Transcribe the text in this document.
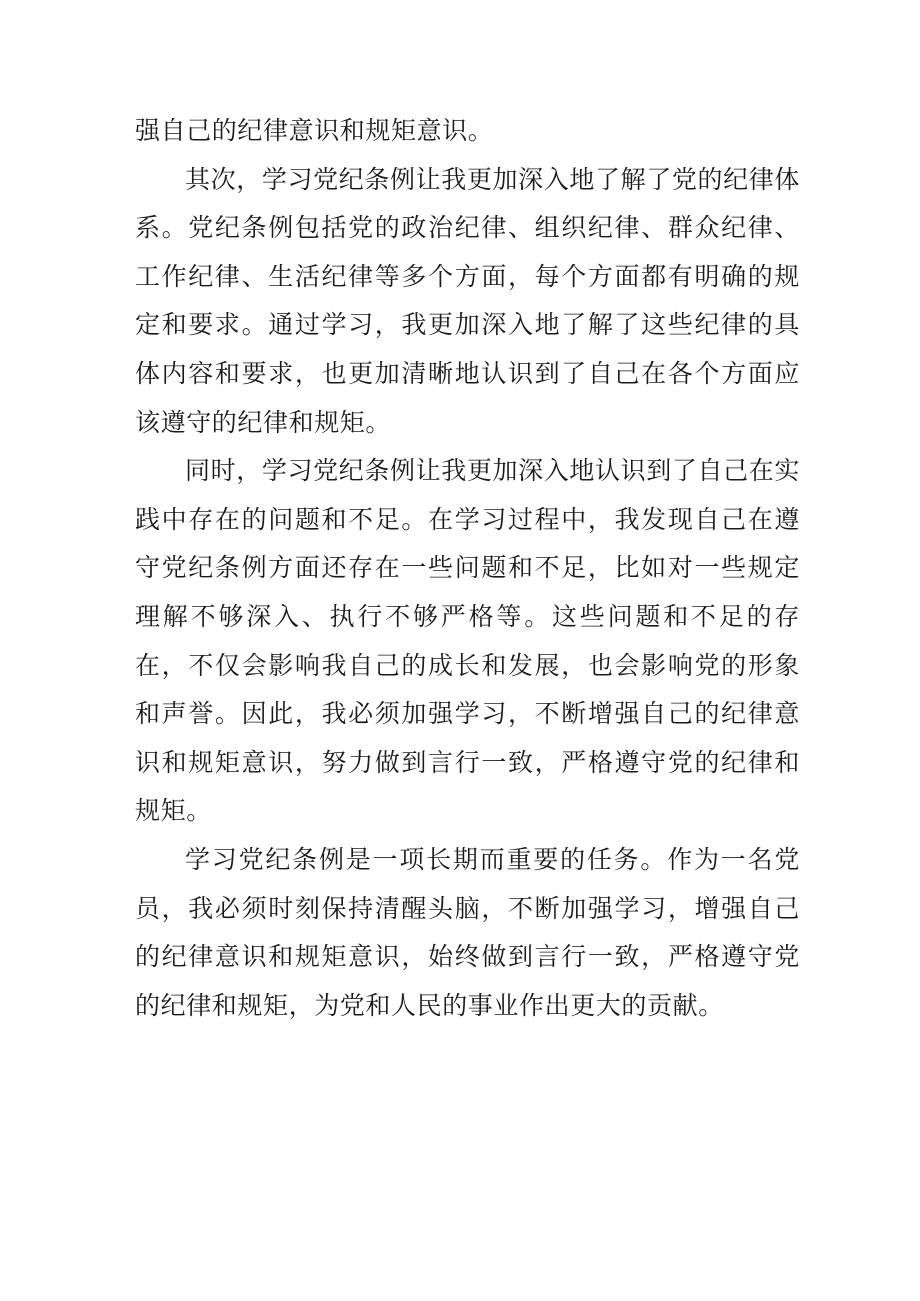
强自己的纪律意识和规矩意识。

其次，学习党纪条例让我更加深入地了解了党的纪律体系。党纪条例包括党的政治纪律、组织纪律、群众纪律、工作纪律、生活纪律等多个方面，每个方面都有明确的规定和要求。通过学习，我更加深入地了解了这些纪律的具体内容和要求，也更加清晰地认识到了自己在各个方面应该遵守的纪律和规矩。

同时，学习党纪条例让我更加深入地认识到了自己在实践中存在的问题和不足。在学习过程中，我发现自己在遵守党纪条例方面还存在一些问题和不足，比如对一些规定理解不够深入、执行不够严格等。这些问题和不足的存在，不仅会影响我自己的成长和发展，也会影响党的形象和声誉。因此，我必须加强学习，不断增强自己的纪律意识和规矩意识，努力做到言行一致，严格遵守党的纪律和规矩。

学习党纪条例是一项长期而重要的任务。作为一名党员，我必须时刻保持清醒头脑，不断加强学习，增强自己的纪律意识和规矩意识，始终做到言行一致，严格遵守党的纪律和规矩，为党和人民的事业作出更大的贡献。
